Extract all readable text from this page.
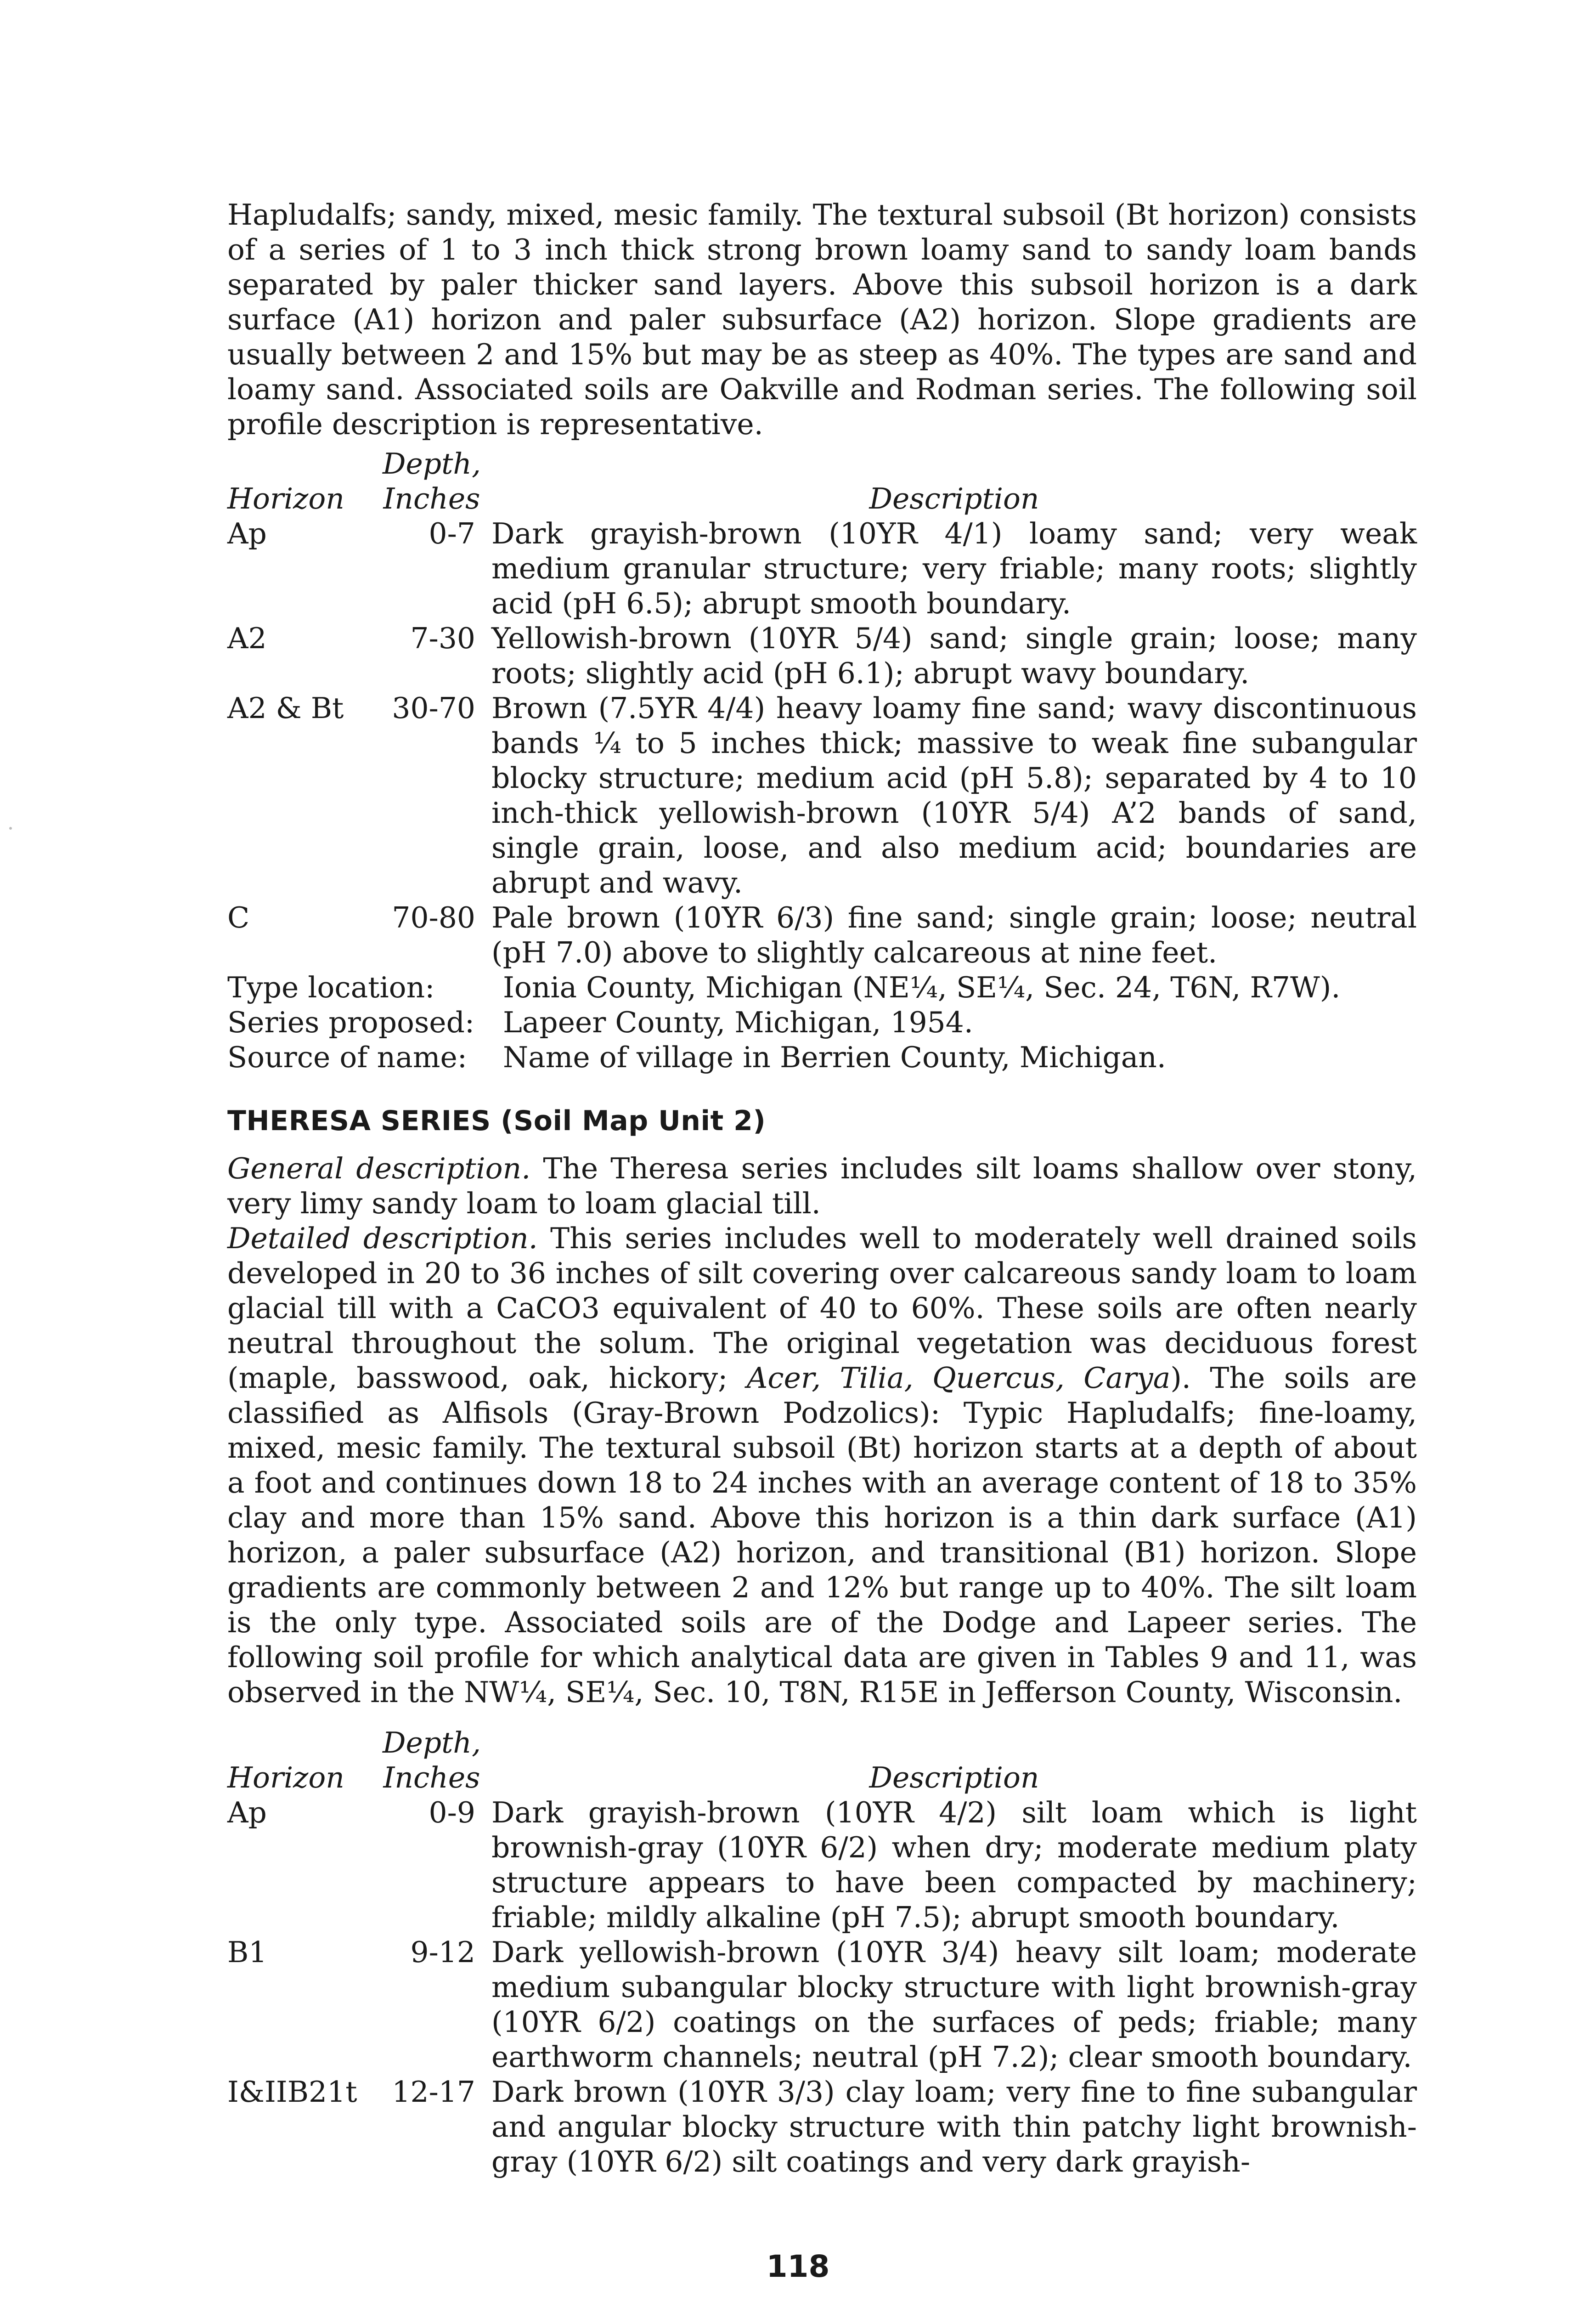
Hapludalfs; sandy, mixed, mesic family. The textural subsoil (Bt horizon) consists of a series of 1 to 3 inch thick strong brown loamy sand to sandy loam bands separated by paler thicker sand layers. Above this subsoil horizon is a dark surface (A1) horizon and paler subsurface (A2) horizon. Slope gradients are usually between 2 and 15% but may be as steep as 40%. The types are sand and loamy sand. Associated soils are Oakville and Rodman series. The following soil profile description is representative.

Depth,
Horizon	Inches	Description
Ap	0-7 Dark grayish-brown (10YR 4/1) loamy sand; very weak medium granular structure; very friable; many roots; slightly acid (pH 6.5); abrupt smooth boundary.
A2	7-30 Yellowish-brown (10YR 5/4) sand; single grain; loose; many roots; slightly acid (pH 6.1); abrupt wavy boundary.
A2 & Bt	30-70 Brown (7.5YR 4/4) heavy loamy fine sand; wavy discontinuous bands ¼ to 5 inches thick; massive to weak fine subangular blocky structure; medium acid (pH 5.8); separated by 4 to 10 inch-thick yellowish-brown (10YR 5/4) A’2 bands of sand, single grain, loose, and also medium acid; boundaries are abrupt and wavy.
C	70-80 Pale brown (10YR 6/3) fine sand; single grain; loose; neutral (pH 7.0) above to slightly calcareous at nine feet.
Type location:	Ionia County, Michigan (NE¼, SE¼, Sec. 24, T6N, R7W).
Series proposed: Lapeer County, Michigan, 1954.
Source of name:	Name of village in Berrien County, Michigan.
THERESA SERIES (Soil Map Unit 2)

General description. The Theresa series includes silt loams shallow over stony, very limy sandy loam to loam glacial till.

Detailed description. This series includes well to moderately well drained soils developed in 20 to 36 inches of silt covering over calcareous sandy loam to loam glacial till with a CaCO3 equivalent of 40 to 60%. These soils are often nearly neutral throughout the solum. The original vegetation was deciduous forest (maple, basswood, oak, hickory; Acer, Tilia, Quercus, Carya). The soils are classified as Alfisols (Gray-Brown Podzolics): Typic Hapludalfs; fine-loamy, mixed, mesic family. The textural subsoil (Bt) horizon starts at a depth of about a foot and continues down 18 to 24 inches with an average content of 18 to 35% clay and more than 15% sand. Above this horizon is a thin dark surface (A1) horizon, a paler subsurface (A2) horizon, and transitional (B1) horizon. Slope gradients are commonly between 2 and 12% but range up to 40%. The silt loam is the only type. Associated soils are of the Dodge and Lapeer series. The following soil profile for which analytical data are given in Tables 9 and 11, was observed in the NW¼, SE¼, Sec. 10, T8N, R15E in Jefferson County, Wisconsin.

Depth,
Horizon	Inches	Description
Ap	0-9 Dark grayish-brown (10YR 4/2) silt loam which is light brownish-gray (10YR 6/2) when dry; moderate medium platy structure appears to have been compacted by machinery; friable; mildly alkaline (pH 7.5); abrupt smooth boundary.
B1	9-12 Dark yellowish-brown (10YR 3/4) heavy silt loam; moderate medium subangular blocky structure with light brownish-gray (10YR 6/2) coatings on the surfaces of peds; friable; many earthworm channels; neutral (pH 7.2); clear smooth boundary.
I&IIB21t	12-17 Dark brown (10YR 3/3) clay loam; very fine to fine subangular and angular blocky structure with thin patchy light brownish-gray (10YR 6/2) silt coatings and very dark grayish-
118
